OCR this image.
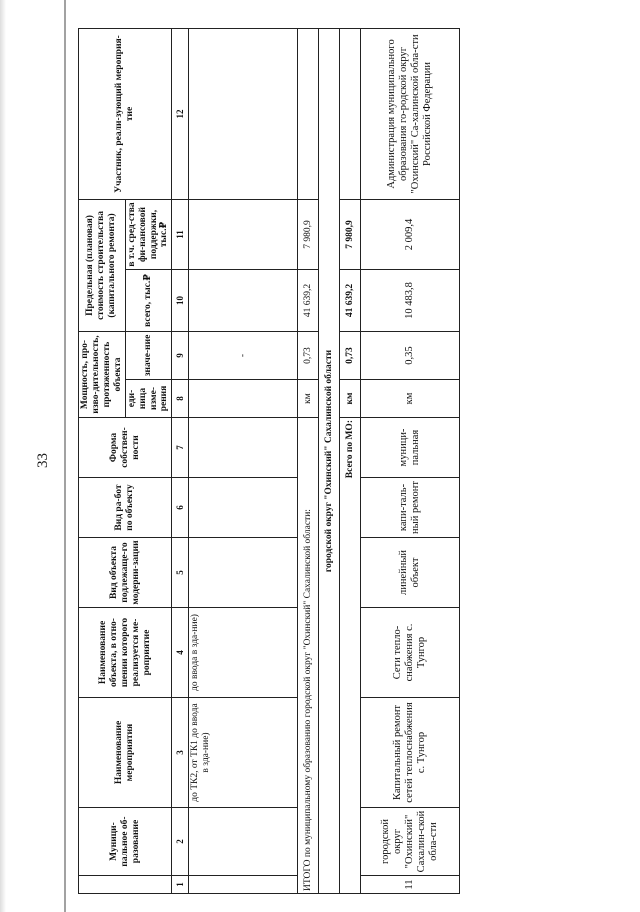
33
	Муници-пальное об-разование	Наименование мероприятия	Наименование объекта, в отно-шении которого реализуется ме-роприятие	Вид объекта подлежаще-го модерни-зации	Вид ра-бот по объекту	Форма собствен-ности	Мощность, про-изво-дительность, протяженность объекта		Предельная (плановая) стоимость строительства (капитального ремонта)		Участник, реали-зующий мероприя-тие
							еди-ница изме-рения	значе-ние	всего, тыс.₽	в т.ч. сред-ства фи-нансовой поддержки, тыс.₽	
1	2	3	4	5	6	7	8	9	10	11	12
		до ТК2, от ТК1 до ввода в зда-ние)	до ввода в зда-ние)					-			
ИТОГО по муниципальному образованию городской округ "Охинский" Сахалинской области:							км	0,73	41 639,2	7 980,9	
городской округ "Охинский" Сахалинской области											
Всего по МО:							км	0,73	41 639,2	7 980,9	
11	городской округ "Охинский" Сахалин-ской обла-сти	Капитальный ремонт сетей теплоснабжения с. Тунгор	Сети тепло-снабжения с. Тунгор	линейный объект	капи-таль-ный ремонт	муници-пальная	км	0,35	10 483,8	2 009,4	Администрация муниципального образования го-родской округ "Охинский" Са-халинской обла-сти Российской Федерации
